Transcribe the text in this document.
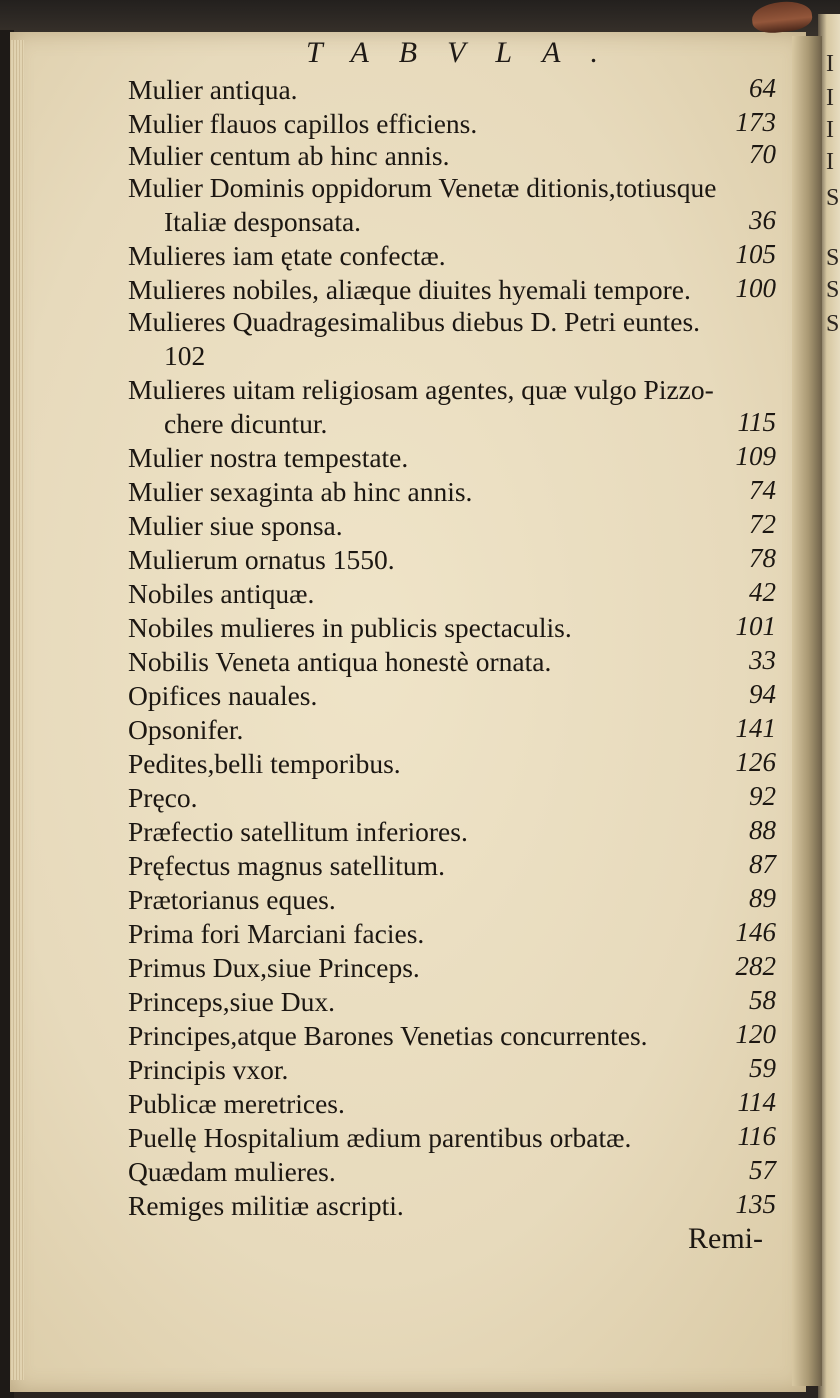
TABVLA.	I
I
I
I
S
S
S
S
Mulier antiqua.	64
Mulier flauos capillos efficiens.	173
Mulier centum ab hinc annis.	70
Mulier Dominis oppidorum Venetæ ditionis,totiusque
Italiæ desponsata.	36
Mulieres iam ętate confectæ.	105
Mulieres nobiles, aliæque diuites hyemali tempore. 100
Mulieres Quadragesimalibus diebus D. Petri euntes.
102
Mulieres uitam religiosam agentes, quæ vulgo Pizzo-
chere dicuntur.	115
Mulier nostra tempestate.	109
Mulier sexaginta ab hinc annis.	74
Mulier siue sponsa.	72
Mulierum ornatus 1550.	78
Nobiles antiquæ.	42
Nobiles mulieres in publicis spectaculis.	101
Nobilis Veneta antiqua honestè ornata.	33
Opifices nauales.	94
Opsonifer.	141
Pedites,belli temporibus.	126
Pręco.	92
Præfectio satellitum inferiores.	88
Pręfectus magnus satellitum.	87
Prætorianus eques.	89
Prima fori Marciani facies.	146
Primus Dux,siue Princeps.	282
Princeps,siue Dux.	58
Principes,atque Barones Venetias concurrentes.	120
Principis vxor.	59
Publicæ meretrices.	114
Puellę Hospitalium ædium parentibus orbatæ.	116
Quædam mulieres.	57
Remiges militiæ ascripti.	135
Remi-
